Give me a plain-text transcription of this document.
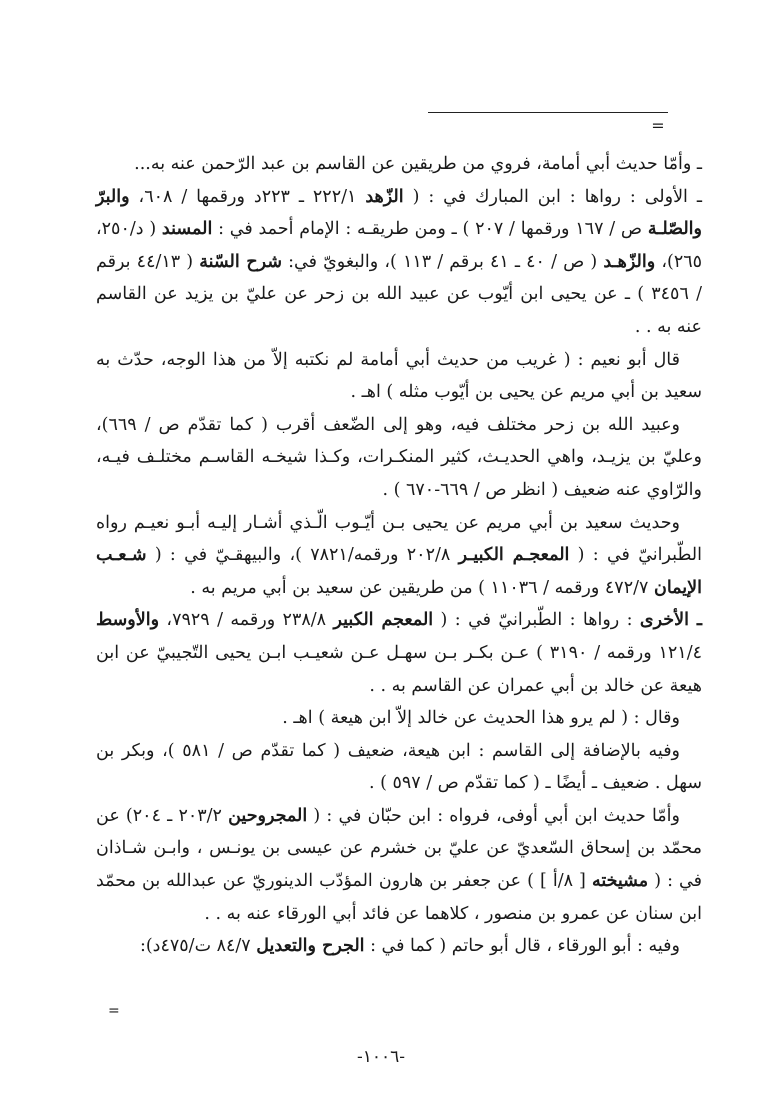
=

ـ وأمّا حديث أبي أمامة، فروي من طريقين عن القاسم بن عبد الرّحمن عنه به...

ـ الأولى : رواها : ابن المبارك في : ( الزّهد ٢٢٢/١ ـ ٢٢٣د ورقمها / ٦٠٨، والبرّ والصّلـة ص / ١٦٧ ورقمها / ٢٠٧ ) ـ ومن طريقـه : الإمام أحمد في : المسند ( د/٢٥٠، ٢٦٥)، والزّهـد ( ص / ٤٠ ـ ٤١ برقم / ١١٣ )، والبغويّ في: شرح السّنة ( ٤٤/١٣ برقم / ٣٤٥٦ ) ـ عن يحيى ابن أيّوب عن عبيد الله بن زحر عن عليّ بن يزيد عن القاسم عنه به . .

قال أبو نعيم : ( غريب من حديث أبي أمامة لم نكتبه إلاّ من هذا الوجه، حدّث به سعيد بن أبي مريم عن يحيى بن أيّوب مثله ) اهـ .

وعبيد الله بن زحر مختلف فيه، وهو إلى الضّعف أقرب ( كما تقدّم ص / ٦٦٩)، وعليّ بن يزيـد، واهي الحديـث، كثير المنكـرات، وكـذا شيخـه القاسـم مختلـف فيـه، والرّاوي عنه ضعيف ( انظر ص / ٦٦٩-٦٧٠ ) .

وحديث سعيد بن أبي مريم عن يحيى بـن أيّـوب الّـذي أشـار إليـه أبـو نعيـم رواه الطّبرانيّ في : ( المعجـم الكبيـر ٢٠٢/٨ ورقمه/٧٨٢١ )، والبيهقـيّ في : ( شـعـب الإيمان ٤٧٢/٧ ورقمه / ١١٠٣٦ ) من طريقين عن سعيد بن أبي مريم به .

ـ الأخرى : رواها : الطّبرانيّ في : ( المعجم الكبير ٢٣٨/٨ ورقمه / ٧٩٢٩، والأوسط ١٢١/٤ ورقمه / ٣١٩٠ ) عـن بكـر بـن سهـل عـن شعيـب ابـن يحيى التّجيبيّ عن ابن هيعة عن خالد بن أبي عمران عن القاسم به . .

وقال : ( لم يرو هذا الحديث عن خالد إلاّ ابن هيعة ) اهـ .

وفيه بالإضافة إلى القاسم : ابن هيعة، ضعيف ( كما تقدّم ص / ٥٨١ )، وبكر بن سهل . ضعيف ـ أيضًا ـ ( كما تقدّم ص / ٥٩٧ ) .

وأمّا حديث ابن أبي أوفى، فرواه : ابن حبّان في : ( المجروحين ٢٠٣/٢ ـ ٢٠٤) عن محمّد بن إسحاق السّعديّ عن عليّ بن خشرم عن عيسى بن يونـس ، وابـن شـاذان في : ( مشيخته [ ٨/أ ] ) عن جعفر بن هارون المؤدّب الدينوريّ عن عبدالله بن محمّد ابن سنان عن عمرو بن منصور ، كلاهما عن فائد أبي الورقاء عنه به . .

وفيه : أبو الورقاء ، قال أبو حاتم ( كما في : الجرح والتعديل ٨٤/٧ ت/٤٧٥د):

=
-١٠٠٦-
